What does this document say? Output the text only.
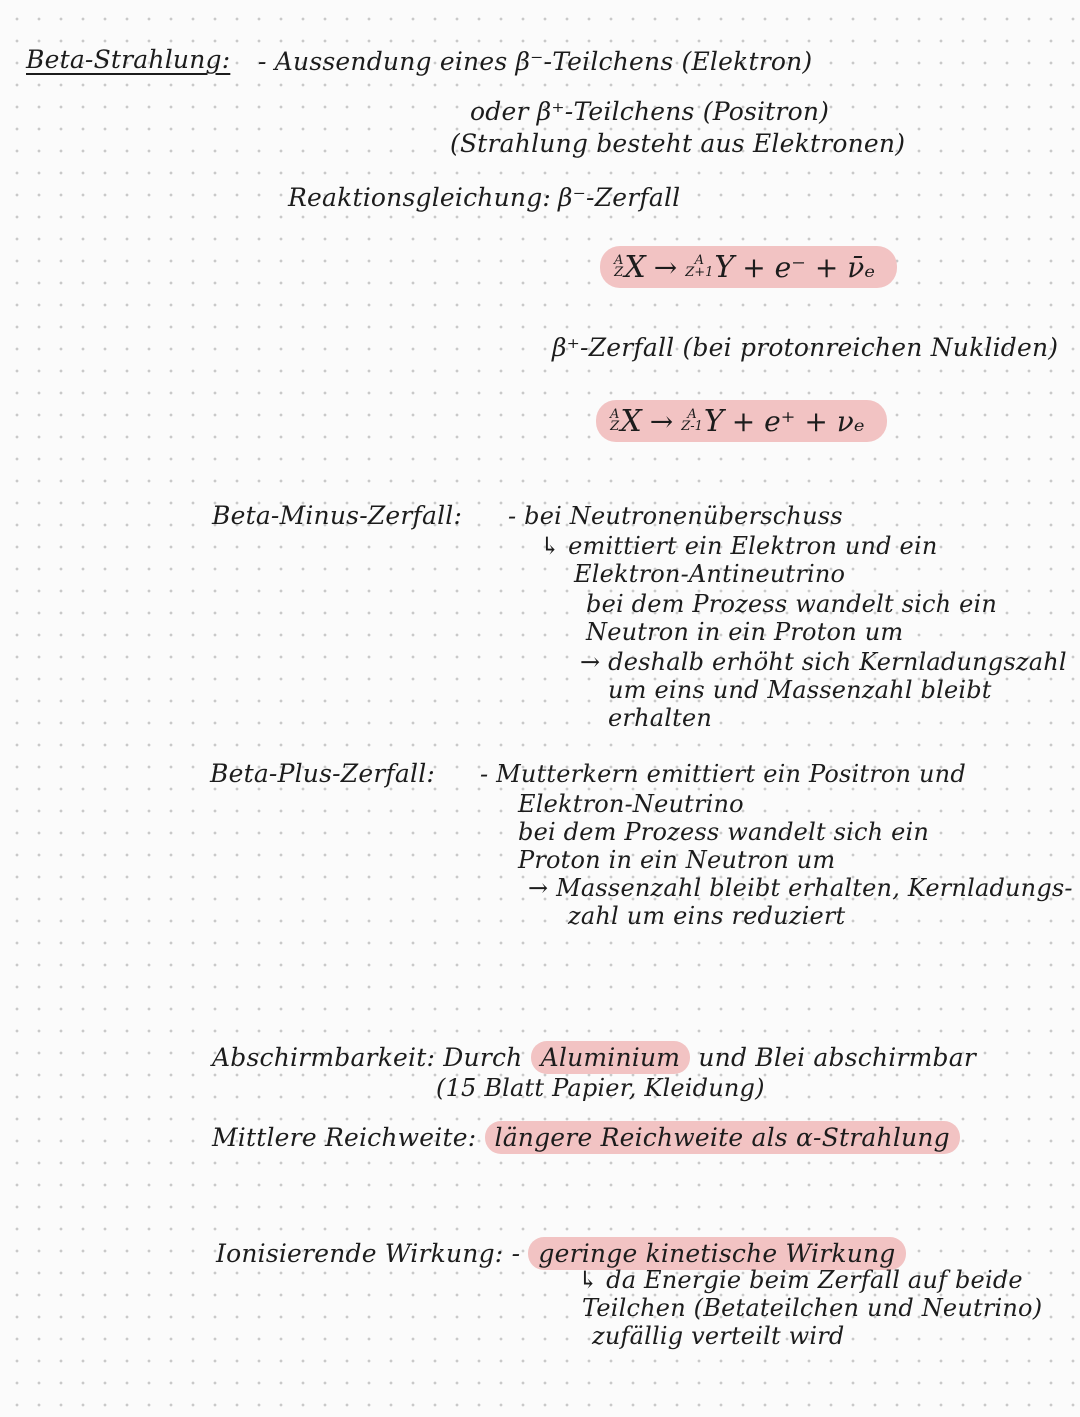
Beta-Strahlung: - Aussendung eines β⁻-Teilchens (Elektron)
oder β⁺-Teilchens (Positron)
(Strahlung besteht aus Elektronen)
Reaktionsgleichung: β⁻-Zerfall
A
Z X →	A
Z+1 Y + e⁻ + ν̄ₑ
β⁺-Zerfall (bei protonreichen Nukliden)
A
Z X →	A
Z-1 Y + e⁺ + νₑ
Beta-Minus-Zerfall: - bei Neutronenüberschuss
↳ emittiert ein Elektron und ein
Elektron-Antineutrino
bei dem Prozess wandelt sich ein
Neutron in ein Proton um
→ deshalb erhöht sich Kernladungszahl
um eins und Massenzahl bleibt
erhalten
Beta-Plus-Zerfall: - Mutterkern emittiert ein Positron und
Elektron-Neutrino
bei dem Prozess wandelt sich ein
Proton in ein Neutron um
→ Massenzahl bleibt erhalten, Kernladungs-
zahl um eins reduziert
Abschirmbarkeit: Durch Aluminium und Blei abschirmbar
(15 Blatt Papier, Kleidung)
Mittlere Reichweite: längere Reichweite als α-Strahlung
Ionisierende Wirkung: - geringe kinetische Wirkung
↳ da Energie beim Zerfall auf beide
Teilchen (Betateilchen und Neutrino)
zufällig verteilt wird
